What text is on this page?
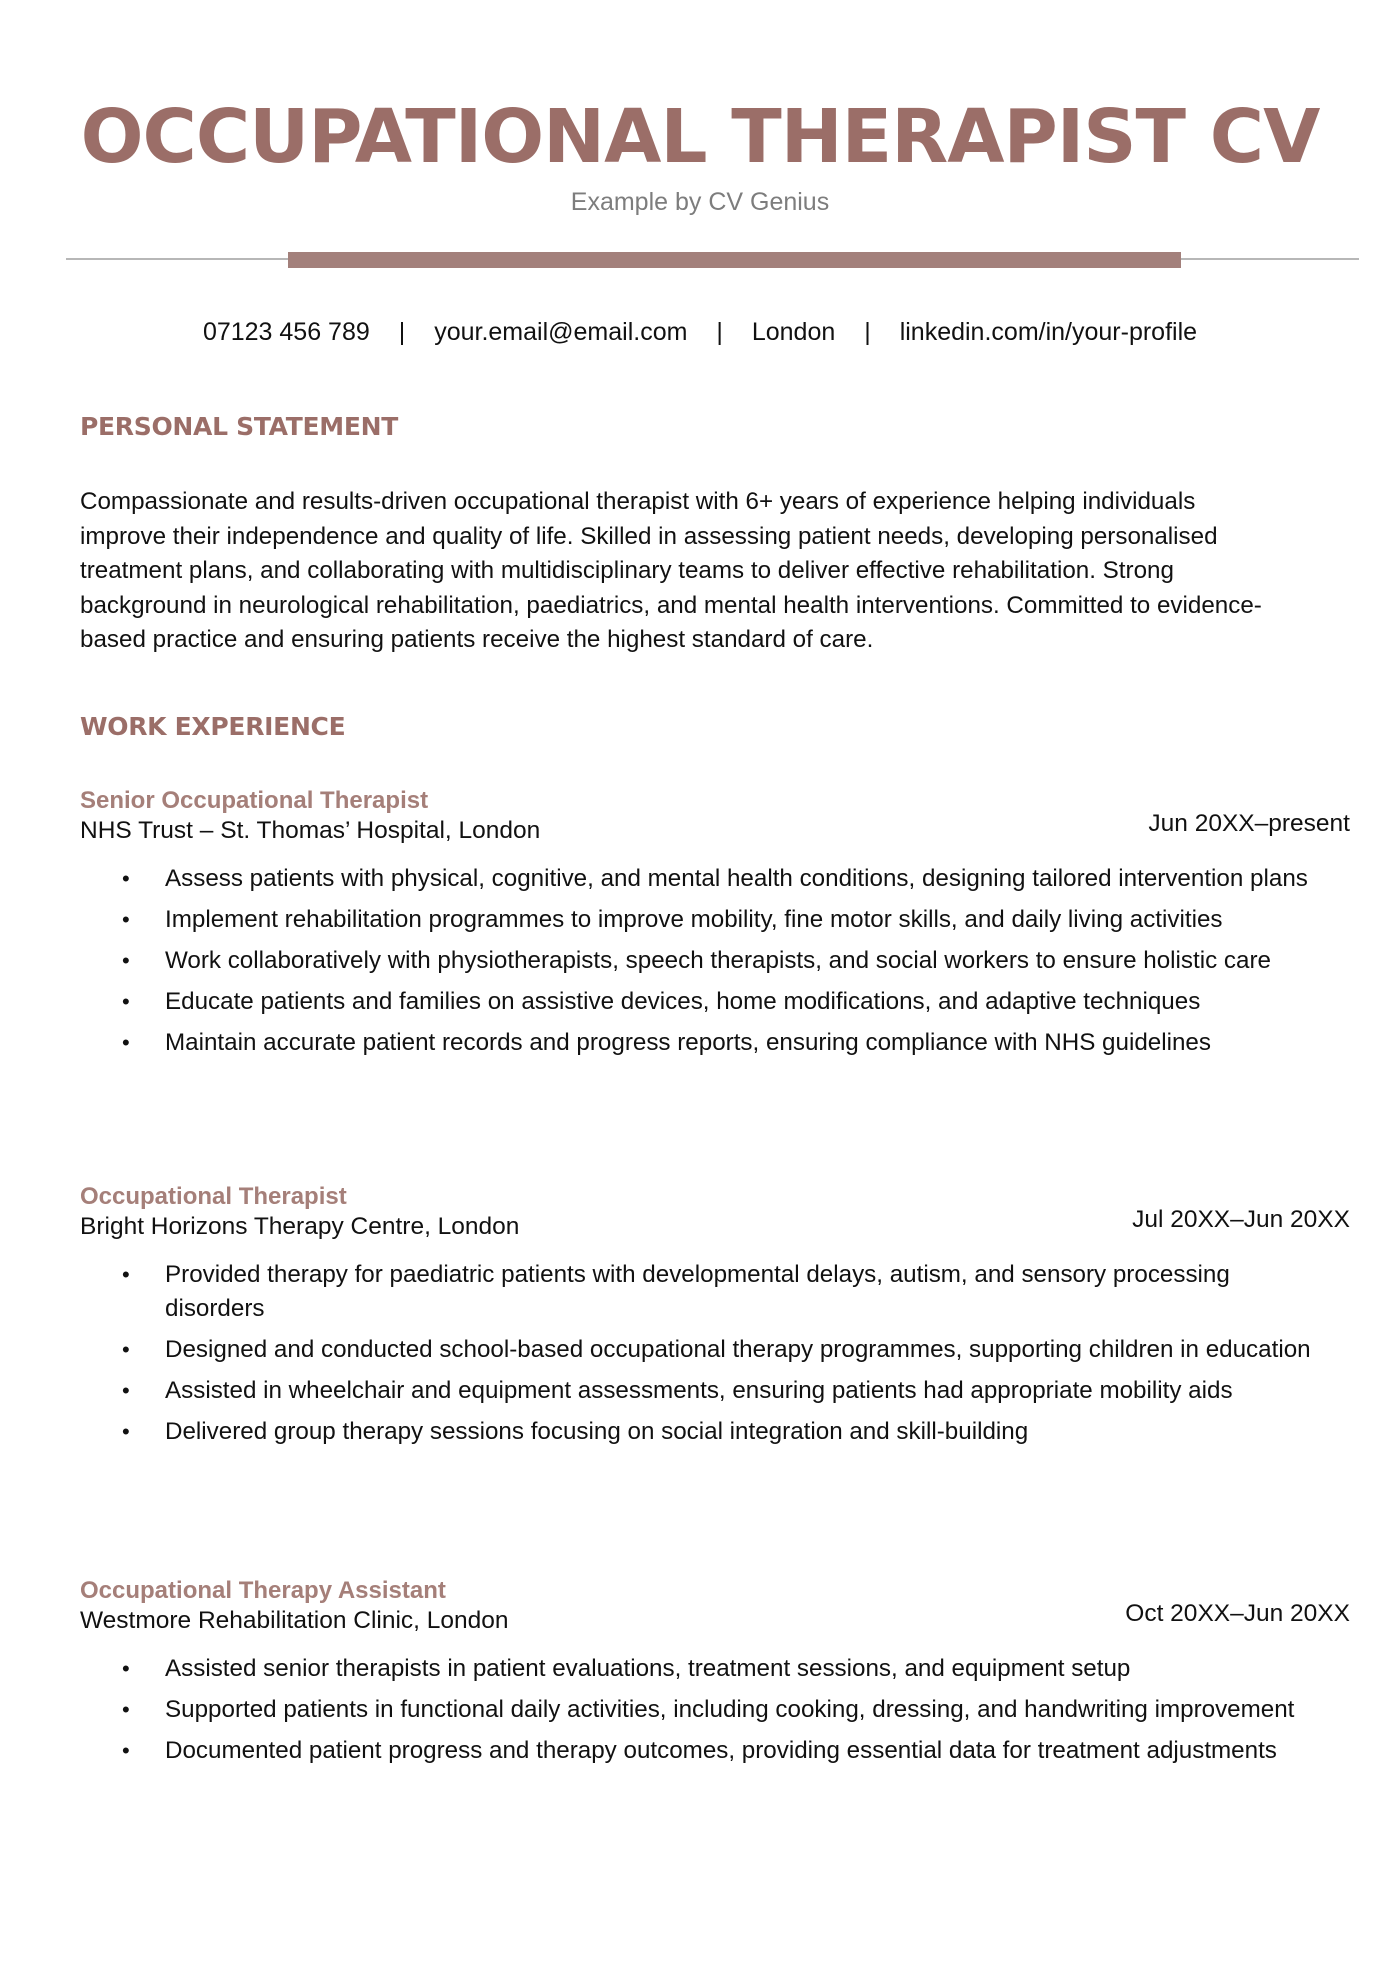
OCCUPATIONAL THERAPIST CV
Example by CV Genius
07123 456 789 | your.email@email.com | London | linkedin.com/in/your-profile
PERSONAL STATEMENT

Compassionate and results-driven occupational therapist with 6+ years of experience helping individuals
improve their independence and quality of life. Skilled in assessing patient needs, developing personalised
treatment plans, and collaborating with multidisciplinary teams to deliver effective rehabilitation. Strong
background in neurological rehabilitation, paediatrics, and mental health interventions. Committed to evidence-
based practice and ensuring patients receive the highest standard of care.

WORK EXPERIENCE
Senior Occupational Therapist
NHS Trust – St. Thomas’ Hospital, London	Jun 20XX–present
• Assess patients with physical, cognitive, and mental health conditions, designing tailored intervention plans
• Implement rehabilitation programmes to improve mobility, fine motor skills, and daily living activities
• Work collaboratively with physiotherapists, speech therapists, and social workers to ensure holistic care
• Educate patients and families on assistive devices, home modifications, and adaptive techniques
• Maintain accurate patient records and progress reports, ensuring compliance with NHS guidelines
Occupational Therapist
Bright Horizons Therapy Centre, London	Jul 20XX–Jun 20XX
• Provided therapy for paediatric patients with developmental delays, autism, and sensory processing disorders
• Designed and conducted school-based occupational therapy programmes, supporting children in education
• Assisted in wheelchair and equipment assessments, ensuring patients had appropriate mobility aids
• Delivered group therapy sessions focusing on social integration and skill-building
Occupational Therapy Assistant
Westmore Rehabilitation Clinic, London	Oct 20XX–Jun 20XX
• Assisted senior therapists in patient evaluations, treatment sessions, and equipment setup
• Supported patients in functional daily activities, including cooking, dressing, and handwriting improvement
• Documented patient progress and therapy outcomes, providing essential data for treatment adjustments
